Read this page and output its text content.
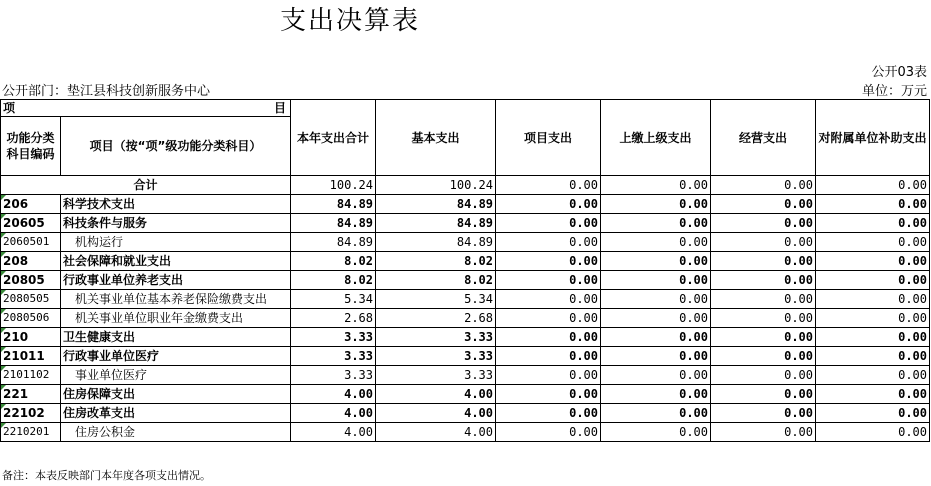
支出决算表
公开03表
公开部门：垫江县科技创新服务中心	单位：万元
项 目		本年支出合计	基本支出	项目支出	上缴上级支出	经营支出	对附属单位补助支出
功能分类科目编码	项目（按“项”级功能分类科目）						
合计		100.24	100.24	0.00	0.00	0.00	0.00
206	科学技术支出	84.89	84.89	0.00	0.00	0.00	0.00
20605	科技条件与服务	84.89	84.89	0.00	0.00	0.00	0.00
2060501	机构运行	84.89	84.89	0.00	0.00	0.00	0.00
208	社会保障和就业支出	8.02	8.02	0.00	0.00	0.00	0.00
20805	行政事业单位养老支出	8.02	8.02	0.00	0.00	0.00	0.00
2080505	机关事业单位基本养老保险缴费支出	5.34	5.34	0.00	0.00	0.00	0.00
2080506	机关事业单位职业年金缴费支出	2.68	2.68	0.00	0.00	0.00	0.00
210	卫生健康支出	3.33	3.33	0.00	0.00	0.00	0.00
21011	行政事业单位医疗	3.33	3.33	0.00	0.00	0.00	0.00
2101102	事业单位医疗	3.33	3.33	0.00	0.00	0.00	0.00
221	住房保障支出	4.00	4.00	0.00	0.00	0.00	0.00
22102	住房改革支出	4.00	4.00	0.00	0.00	0.00	0.00
2210201	住房公积金	4.00	4.00	0.00	0.00	0.00	0.00
备注：本表反映部门本年度各项支出情况。
